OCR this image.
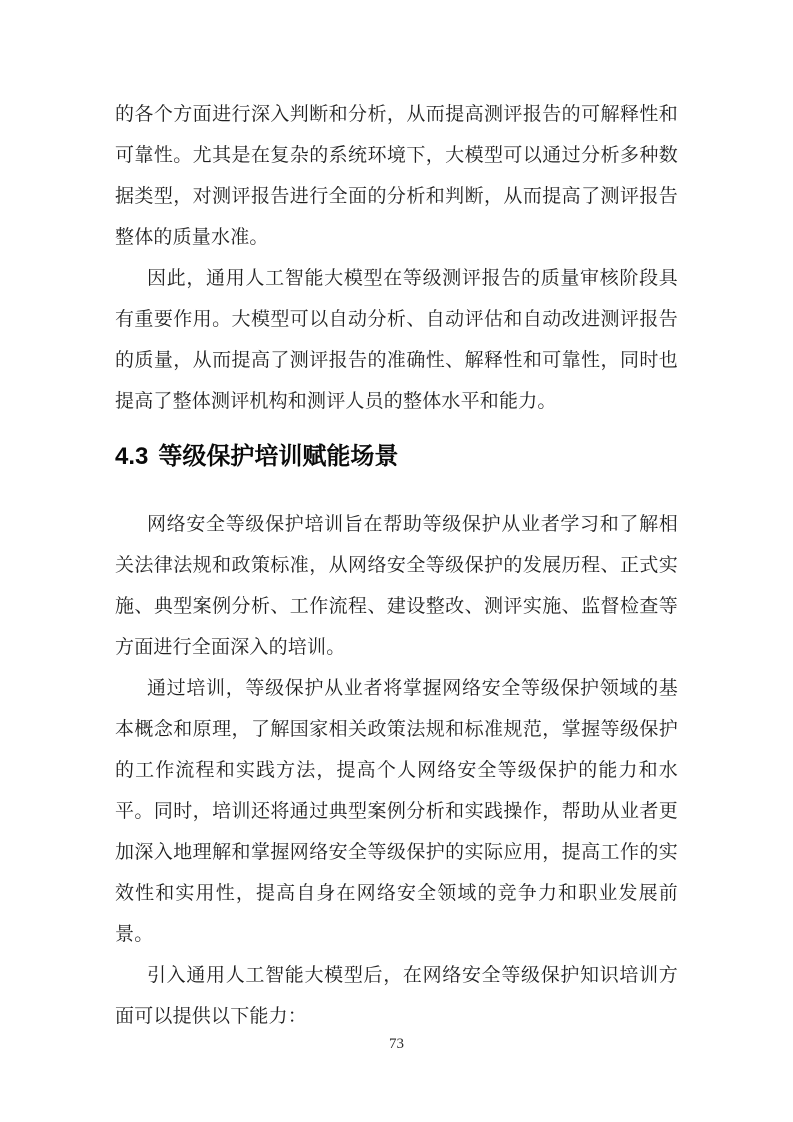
的各个方面进行深入判断和分析，从而提高测评报告的可解释性和可靠性。尤其是在复杂的系统环境下，大模型可以通过分析多种数据类型，对测评报告进行全面的分析和判断，从而提高了测评报告整体的质量水准。

因此，通用人工智能大模型在等级测评报告的质量审核阶段具有重要作用。大模型可以自动分析、自动评估和自动改进测评报告的质量，从而提高了测评报告的准确性、解释性和可靠性，同时也提高了整体测评机构和测评人员的整体水平和能力。

4.3 等级保护培训赋能场景

网络安全等级保护培训旨在帮助等级保护从业者学习和了解相关法律法规和政策标准，从网络安全等级保护的发展历程、正式实施、典型案例分析、工作流程、建设整改、测评实施、监督检查等方面进行全面深入的培训。

通过培训，等级保护从业者将掌握网络安全等级保护领域的基本概念和原理，了解国家相关政策法规和标准规范，掌握等级保护的工作流程和实践方法，提高个人网络安全等级保护的能力和水平。同时，培训还将通过典型案例分析和实践操作，帮助从业者更加深入地理解和掌握网络安全等级保护的实际应用，提高工作的实效性和实用性，提高自身在网络安全领域的竞争力和职业发展前景。

引入通用人工智能大模型后，在网络安全等级保护知识培训方面可以提供以下能力：

73
